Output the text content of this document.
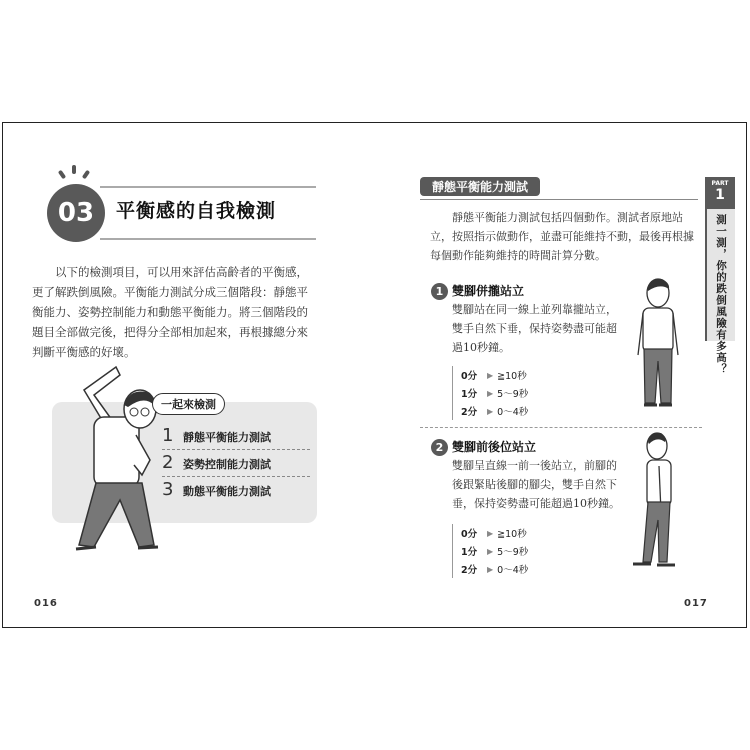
03	平衡感的自我檢測
以下的檢測項目，可以用來評估高齡者的平衡感，更了解跌倒風險。平衡能力測試分成三個階段：靜態平衡能力、姿勢控制能力和動態平衡能力。將三個階段的題目全部做完後，把得分全部相加起來，再根據總分來判斷平衡感的好壞。
一起來檢測
1 靜態平衡能力測試
2 姿勢控制能力測試
3 動態平衡能力測試
016
靜態平衡能力測試
靜態平衡能力測試包括四個動作。測試者原地站立，按照指示做動作，並盡可能維持不動，最後再根據每個動作能夠維持的時間計算分數。
1 雙腳併攏站立
雙腳站在同一線上並列靠攏站立，雙手自然下垂，保持姿勢盡可能超過10秒鐘。
0分	▶ ≧10秒
1分	▶ 5〜9秒
2分	▶ 0〜4秒
2 雙腳前後位站立
雙腳呈直線一前一後站立，前腳的後跟緊貼後腳的腳尖，雙手自然下垂，保持姿勢盡可能超過10秒鐘。
0分	▶ ≧10秒
1分	▶ 5〜9秒
2分	▶ 0〜4秒
017
PART
1
測一測，你的跌倒風險有多高？
